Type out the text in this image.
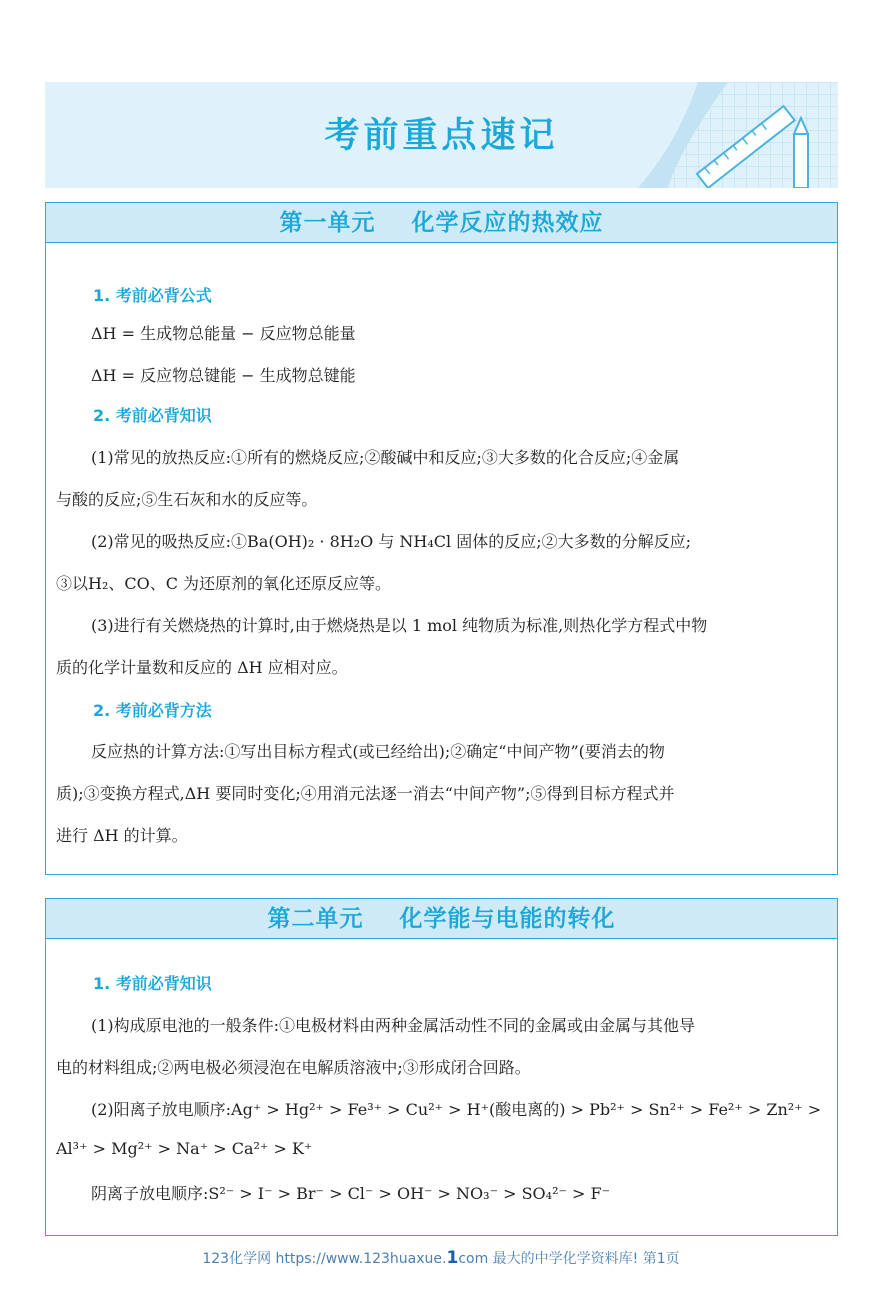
考前重点速记
第一单元 化学反应的热效应
1. 考前必背公式
ΔH = 生成物总能量 − 反应物总能量
ΔH = 反应物总键能 − 生成物总键能
2. 考前必背知识
(1)常见的放热反应:①所有的燃烧反应;②酸碱中和反应;③大多数的化合反应;④金属
与酸的反应;⑤生石灰和水的反应等。
(2)常见的吸热反应:①Ba(OH)₂ · 8H₂O 与 NH₄Cl 固体的反应;②大多数的分解反应;
③以H₂、CO、C 为还原剂的氧化还原反应等。
(3)进行有关燃烧热的计算时,由于燃烧热是以 1 mol 纯物质为标准,则热化学方程式中物
质的化学计量数和反应的 ΔH 应相对应。
2. 考前必背方法
反应热的计算方法:①写出目标方程式(或已经给出);②确定“中间产物”(要消去的物
质);③变换方程式,ΔH 要同时变化;④用消元法逐一消去“中间产物”;⑤得到目标方程式并
进行 ΔH 的计算。
第二单元 化学能与电能的转化
1. 考前必背知识
(1)构成原电池的一般条件:①电极材料由两种金属活动性不同的金属或由金属与其他导
电的材料组成;②两电极必须浸泡在电解质溶液中;③形成闭合回路。
(2)阳离子放电顺序:Ag⁺ > Hg²⁺ > Fe³⁺ > Cu²⁺ > H⁺(酸电离的) > Pb²⁺ > Sn²⁺ > Fe²⁺ > Zn²⁺ >
Al³⁺ > Mg²⁺ > Na⁺ > Ca²⁺ > K⁺
阴离子放电顺序:S²⁻ > I⁻ > Br⁻ > Cl⁻ > OH⁻ > NO₃⁻ > SO₄²⁻ > F⁻
123化学网 https://www.123huaxue.1com 最大的中学化学资料库! 第1页
